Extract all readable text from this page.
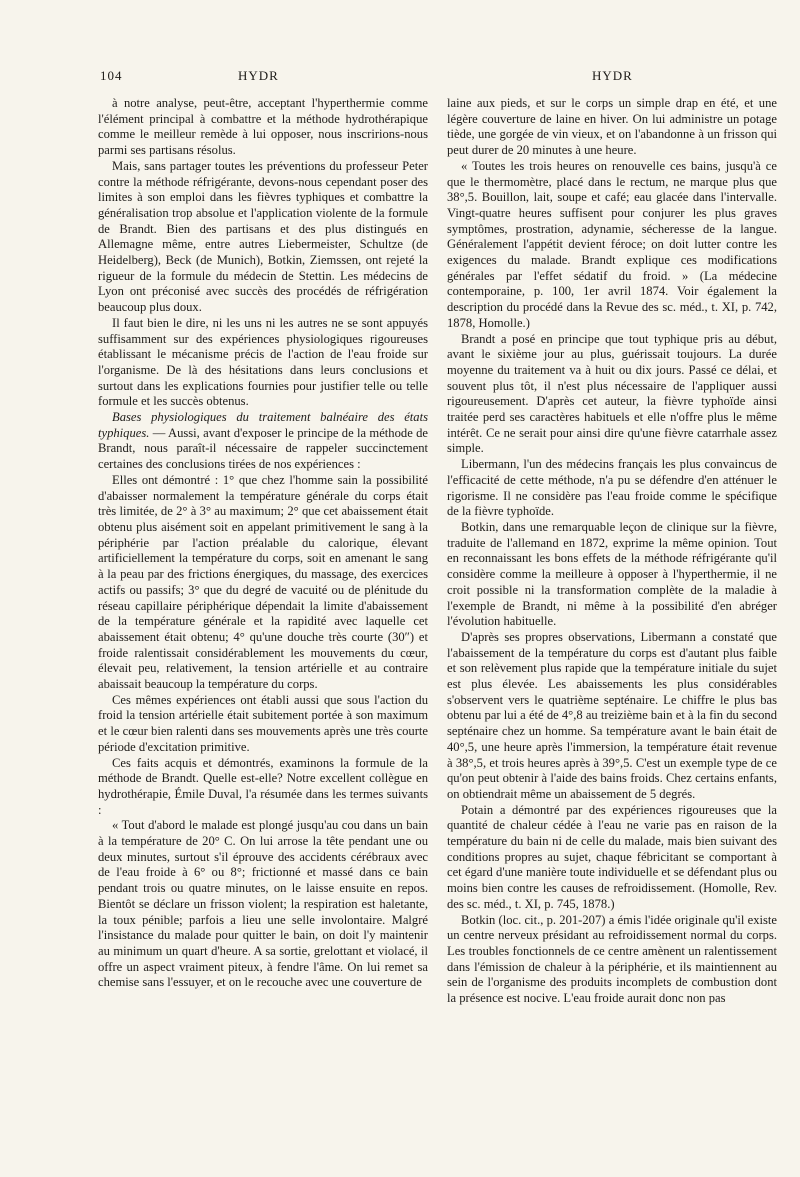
104	HYDR	HYDR

à notre analyse, peut-être, acceptant l'hyperthermie comme l'élément principal à combattre et la méthode hydrothérapique comme le meilleur remède à lui opposer, nous inscririons-nous parmi ses partisans résolus.

Mais, sans partager toutes les préventions du professeur Peter contre la méthode réfrigérante, devons-nous cependant poser des limites à son emploi dans les fièvres typhiques et combattre la généralisation trop absolue et l'application violente de la formule de Brandt. Bien des partisans et des plus distingués en Allemagne même, entre autres Liebermeister, Schultze (de Heidelberg), Beck (de Munich), Botkin, Ziemssen, ont rejeté la rigueur de la formule du médecin de Stettin. Les médecins de Lyon ont préconisé avec succès des procédés de réfrigération beaucoup plus doux.

Il faut bien le dire, ni les uns ni les autres ne se sont appuyés suffisamment sur des expériences physiologiques rigoureuses établissant le mécanisme précis de l'action de l'eau froide sur l'organisme. De là des hésitations dans leurs conclusions et surtout dans les explications fournies pour justifier telle ou telle formule et les succès obtenus.

Bases physiologiques du traitement balnéaire des états typhiques. — Aussi, avant d'exposer le principe de la méthode de Brandt, nous paraît-il nécessaire de rappeler succinctement certaines des conclusions tirées de nos expériences :

Elles ont démontré : 1° que chez l'homme sain la possibilité d'abaisser normalement la température générale du corps était très limitée, de 2° à 3° au maximum; 2° que cet abaissement était obtenu plus aisément soit en appelant primitivement le sang à la périphérie par l'action préalable du calorique, élevant artificiellement la température du corps, soit en amenant le sang à la peau par des frictions énergiques, du massage, des exercices actifs ou passifs; 3° que du degré de vacuité ou de plénitude du réseau capillaire périphérique dépendait la limite d'abaissement de la température générale et la rapidité avec laquelle cet abaissement était obtenu; 4° qu'une douche très courte (30″) et froide ralentissait considérablement les mouvements du cœur, élevait peu, relativement, la tension artérielle et au contraire abaissait beaucoup la température du corps.

Ces mêmes expériences ont établi aussi que sous l'action du froid la tension artérielle était subitement portée à son maximum et le cœur bien ralenti dans ses mouvements après une très courte période d'excitation primitive.

Ces faits acquis et démontrés, examinons la formule de la méthode de Brandt. Quelle est-elle? Notre excellent collègue en hydrothérapie, Émile Duval, l'a résumée dans les termes suivants :

« Tout d'abord le malade est plongé jusqu'au cou dans un bain à la température de 20° C. On lui arrose la tête pendant une ou deux minutes, surtout s'il éprouve des accidents cérébraux avec de l'eau froide à 6° ou 8°; frictionné et massé dans ce bain pendant trois ou quatre minutes, on le laisse ensuite en repos. Bientôt se déclare un frisson violent; la respiration est haletante, la toux pénible; parfois a lieu une selle involontaire. Malgré l'insistance du malade pour quitter le bain, on doit l'y maintenir au minimum un quart d'heure. A sa sortie, grelottant et violacé, il offre un aspect vraiment piteux, à fendre l'âme. On lui remet sa chemise sans l'essuyer, et on le recouche avec une couverture de

laine aux pieds, et sur le corps un simple drap en été, et une légère couverture de laine en hiver. On lui administre un potage tiède, une gorgée de vin vieux, et on l'abandonne à un frisson qui peut durer de 20 minutes à une heure.

« Toutes les trois heures on renouvelle ces bains, jusqu'à ce que le thermomètre, placé dans le rectum, ne marque plus que 38°,5. Bouillon, lait, soupe et café; eau glacée dans l'intervalle. Vingt-quatre heures suffisent pour conjurer les plus graves symptômes, prostration, adynamie, sécheresse de la langue. Généralement l'appétit devient féroce; on doit lutter contre les exigences du malade. Brandt explique ces modifications générales par l'effet sédatif du froid. » (La médecine contemporaine, p. 100, 1er avril 1874. Voir également la description du procédé dans la Revue des sc. méd., t. XI, p. 742, 1878, Homolle.)

Brandt a posé en principe que tout typhique pris au début, avant le sixième jour au plus, guérissait toujours. La durée moyenne du traitement va à huit ou dix jours. Passé ce délai, et souvent plus tôt, il n'est plus nécessaire de l'appliquer aussi rigoureusement. D'après cet auteur, la fièvre typhoïde ainsi traitée perd ses caractères habituels et elle n'offre plus le même intérêt. Ce ne serait pour ainsi dire qu'une fièvre catarrhale assez simple.

Libermann, l'un des médecins français les plus convaincus de l'efficacité de cette méthode, n'a pu se défendre d'en atténuer le rigorisme. Il ne considère pas l'eau froide comme le spécifique de la fièvre typhoïde.

Botkin, dans une remarquable leçon de clinique sur la fièvre, traduite de l'allemand en 1872, exprime la même opinion. Tout en reconnaissant les bons effets de la méthode réfrigérante qu'il considère comme la meilleure à opposer à l'hyperthermie, il ne croit possible ni la transformation complète de la maladie à l'exemple de Brandt, ni même à la possibilité d'en abréger l'évolution habituelle.

D'après ses propres observations, Libermann a constaté que l'abaissement de la température du corps est d'autant plus faible et son relèvement plus rapide que la température initiale du sujet est plus élevée. Les abaissements les plus considérables s'observent vers le quatrième septénaire. Le chiffre le plus bas obtenu par lui a été de 4°,8 au treizième bain et à la fin du second septénaire chez un homme. Sa température avant le bain était de 40°,5, une heure après l'immersion, la température était revenue à 38°,5, et trois heures après à 39°,5. C'est un exemple type de ce qu'on peut obtenir à l'aide des bains froids. Chez certains enfants, on obtiendrait même un abaissement de 5 degrés.

Potain a démontré par des expériences rigoureuses que la quantité de chaleur cédée à l'eau ne varie pas en raison de la température du bain ni de celle du malade, mais bien suivant des conditions propres au sujet, chaque fébricitant se comportant à cet égard d'une manière toute individuelle et se défendant plus ou moins bien contre les causes de refroidissement. (Homolle, Rev. des sc. méd., t. XI, p. 745, 1878.)

Botkin (loc. cit., p. 201-207) a émis l'idée originale qu'il existe un centre nerveux présidant au refroidissement normal du corps. Les troubles fonctionnels de ce centre amènent un ralentissement dans l'émission de chaleur à la périphérie, et ils maintiennent au sein de l'organisme des produits incomplets de combustion dont la présence est nocive. L'eau froide aurait donc non pas
